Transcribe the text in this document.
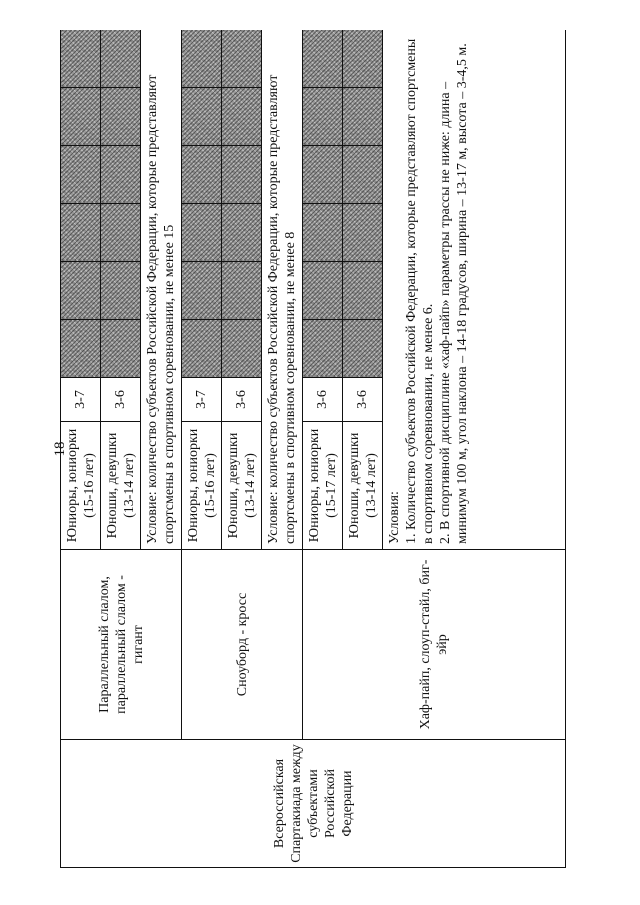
18
Всероссийская Спартакиада между субъектами Российской Федерации	Параллельный слалом, параллельный слалом - гигант	Юниоры, юниорки (15-16 лет)	3-7						

		Юноши, девушки (13-14 лет)	3-6						
		Условие: количество субъектов Российской Федерации, которые представляют спортсмены в спортивном соревновании, не менее 15							
	Сноуборд - кросс	Юниоры, юниорки (15-16 лет)	3-7						

		Юноши, девушки (13-14 лет)	3-6						
		Условие: количество субъектов Российской Федерации, которые представляют спортсмены в спортивном соревновании, не менее 8							
	Хаф-пайп, слоуп-стайл, биг-эйр	Юниоры, юниорки (15-17 лет)	3-6						

		Юноши, девушки (13-14 лет)	3-6						

		Условия: 1. Количество субъектов Российской Федерации, которые представляют спортсмены в спортивном соревновании, не менее 6. 2. В спортивной дисциплине «хаф-пайп» параметры трассы не ниже: длина – минимум 100 м, угол наклона – 14-18 градусов, ширина – 13-17 м, высота – 3-4,5 м.							
